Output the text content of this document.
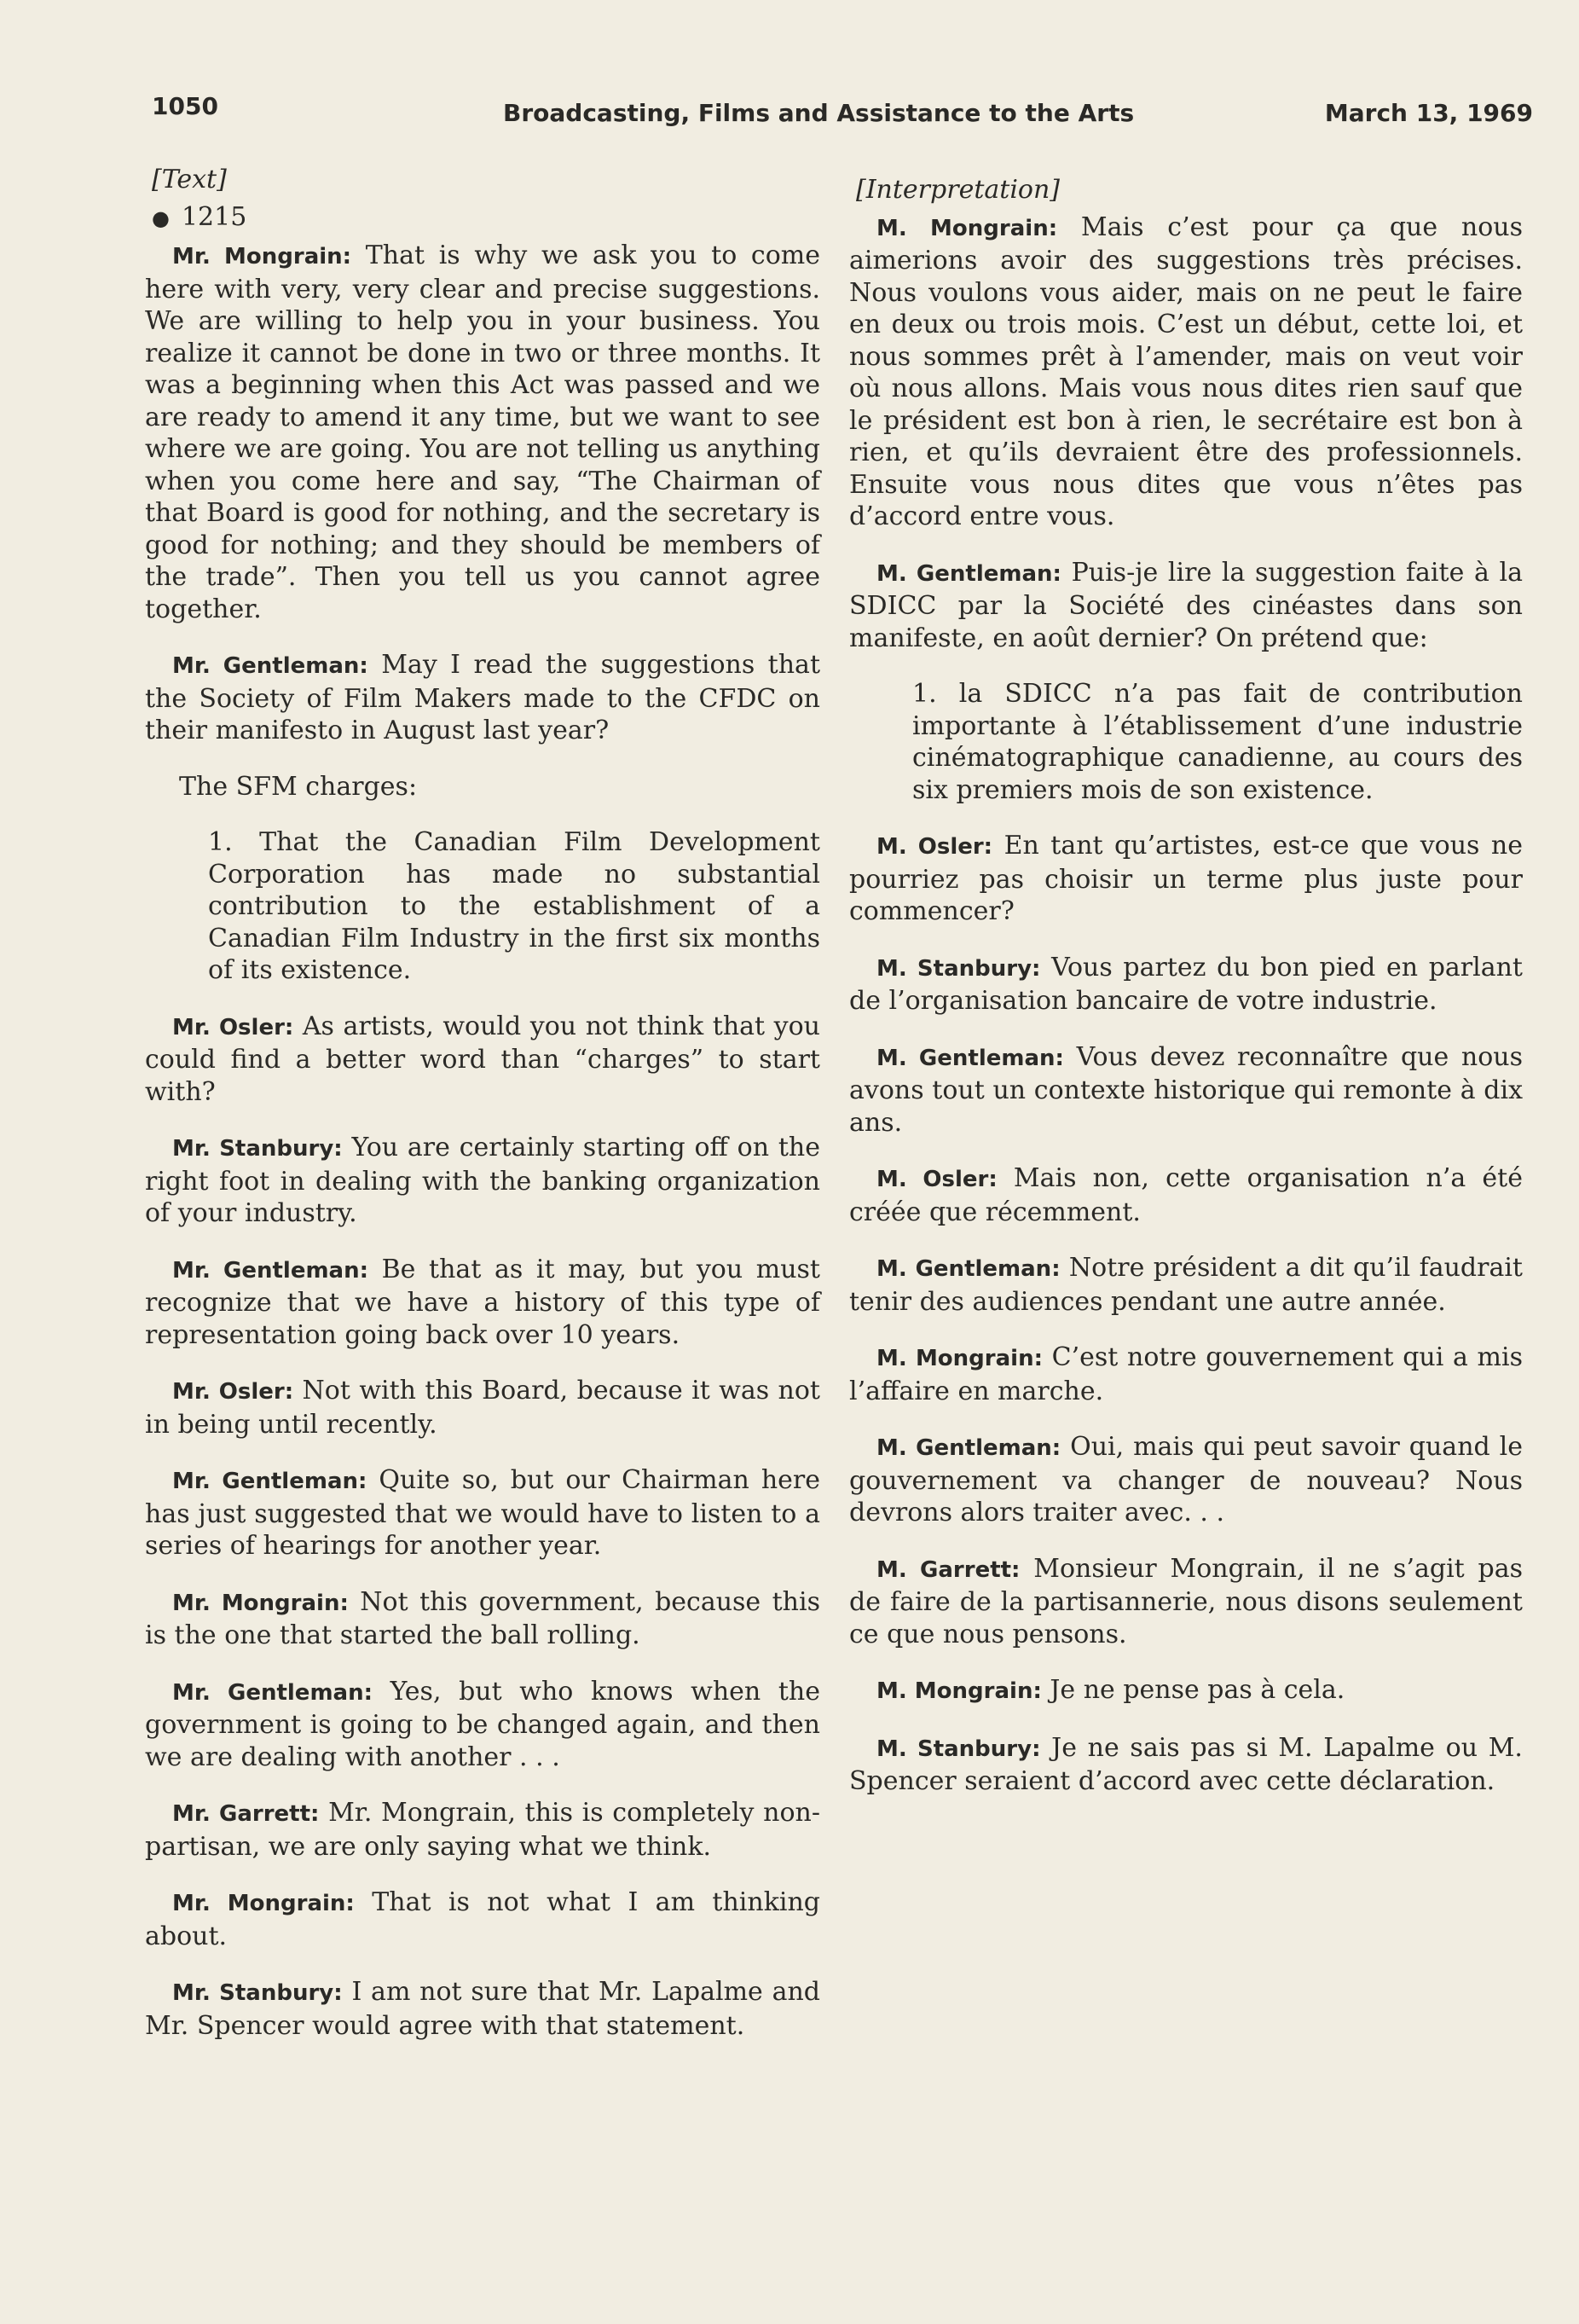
1050	Broadcasting, Films and Assistance to the Arts	March 13, 1969
[Text]
● 1215
Mr. Mongrain: That is why we ask you to come here with very, very clear and precise suggestions. We are willing to help you in your business. You realize it cannot be done in two or three months. It was a beginning when this Act was passed and we are ready to amend it any time, but we want to see where we are going. You are not telling us anything when you come here and say, “The Chairman of that Board is good for nothing, and the secretary is good for nothing; and they should be members of the trade”. Then you tell us you cannot agree together.
Mr. Gentleman: May I read the suggestions that the Society of Film Makers made to the CFDC on their manifesto in August last year?
The SFM charges:
1. That the Canadian Film Development Corporation has made no substantial contribution to the establishment of a Canadian Film Industry in the first six months of its existence.
Mr. Osler: As artists, would you not think that you could find a better word than “charges” to start with?
Mr. Stanbury: You are certainly starting off on the right foot in dealing with the banking organization of your industry.
Mr. Gentleman: Be that as it may, but you must recognize that we have a history of this type of representation going back over 10 years.
Mr. Osler: Not with this Board, because it was not in being until recently.
Mr. Gentleman: Quite so, but our Chairman here has just suggested that we would have to listen to a series of hearings for another year.
Mr. Mongrain: Not this government, because this is the one that started the ball rolling.
Mr. Gentleman: Yes, but who knows when the government is going to be changed again, and then we are dealing with another . . .
Mr. Garrett: Mr. Mongrain, this is completely non-partisan, we are only saying what we think.
Mr. Mongrain: That is not what I am thinking about.
Mr. Stanbury: I am not sure that Mr. Lapalme and Mr. Spencer would agree with that statement.
[Interpretation]
M. Mongrain: Mais c’est pour ça que nous aimerions avoir des suggestions très précises. Nous voulons vous aider, mais on ne peut le faire en deux ou trois mois. C’est un début, cette loi, et nous sommes prêt à l’amender, mais on veut voir où nous allons. Mais vous nous dites rien sauf que le président est bon à rien, le secrétaire est bon à rien, et qu’ils devraient être des professionnels. Ensuite vous nous dites que vous n’êtes pas d’accord entre vous.
M. Gentleman: Puis-je lire la suggestion faite à la SDICC par la Société des cinéastes dans son manifeste, en août dernier? On prétend que:
1. la SDICC n’a pas fait de contribution importante à l’établissement d’une industrie cinématographique canadienne, au cours des six premiers mois de son existence.
M. Osler: En tant qu’artistes, est-ce que vous ne pourriez pas choisir un terme plus juste pour commencer?
M. Stanbury: Vous partez du bon pied en parlant de l’organisation bancaire de votre industrie.
M. Gentleman: Vous devez reconnaître que nous avons tout un contexte historique qui remonte à dix ans.
M. Osler: Mais non, cette organisation n’a été créée que récemment.
M. Gentleman: Notre président a dit qu’il faudrait tenir des audiences pendant une autre année.
M. Mongrain: C’est notre gouvernement qui a mis l’affaire en marche.
M. Gentleman: Oui, mais qui peut savoir quand le gouvernement va changer de nouveau? Nous devrons alors traiter avec. . .
M. Garrett: Monsieur Mongrain, il ne s’agit pas de faire de la partisannerie, nous disons seulement ce que nous pensons.
M. Mongrain: Je ne pense pas à cela.
M. Stanbury: Je ne sais pas si M. Lapalme ou M. Spencer seraient d’accord avec cette déclaration.
